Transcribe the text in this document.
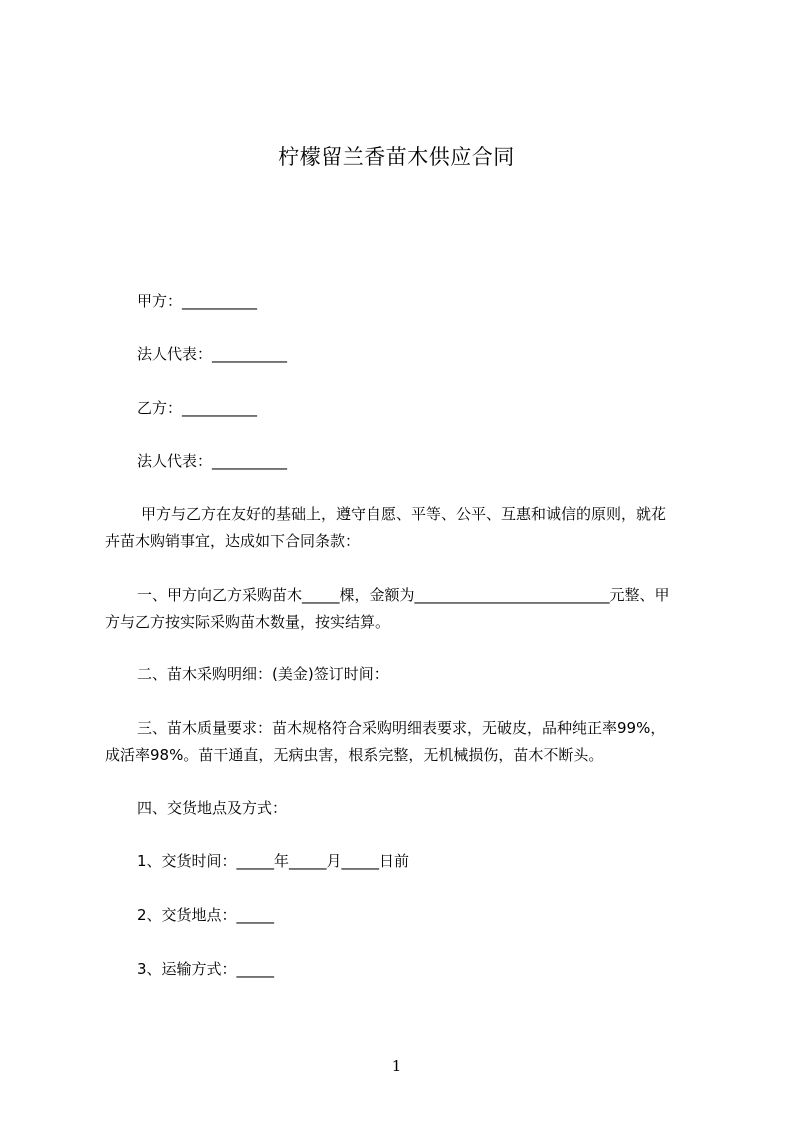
柠檬留兰香苗木供应合同
甲方：__________
法人代表：__________
乙方：__________
法人代表：__________
甲方与乙方在友好的基础上，遵守自愿、平等、公平、互惠和诚信的原则，就花
卉苗木购销事宜，达成如下合同条款：
一、甲方向乙方采购苗木_____棵，金额为__________________________元整、甲
方与乙方按实际采购苗木数量，按实结算。
二、苗木采购明细：(美金)签订时间：
三、苗木质量要求：苗木规格符合采购明细表要求，无破皮，品种纯正率99%，
成活率98%。苗干通直，无病虫害，根系完整，无机械损伤，苗木不断头。
四、交货地点及方式：
1、交货时间：_____年_____月_____日前
2、交货地点：_____
3、运输方式：_____
1
